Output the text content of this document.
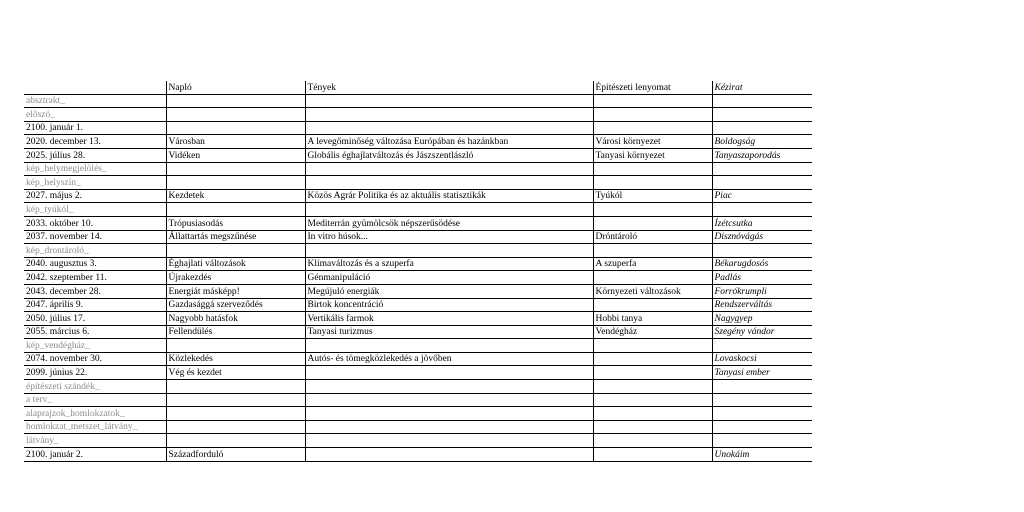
	Napló	Tények	Építészeti lenyomat	Kézirat
absztrakt_				
előszó_				
2100. január 1.				
2020. december 13.	Városban	A levegőminőség változása Európában és hazánkban	Városi környezet	Boldogság
2025. július 28.	Vidéken	Globális éghajlatváltozás és Jászszentlászló	Tanyasi környezet	Tanyaszaporodás
kép_helymegjelölés_				
kép_helyszín_				
2027. május 2.	Kezdetek	Közös Agrár Politika és az aktuális statisztikák	Tyúkól	Piac
kép_tyúkól_				
2033. október 10.	Trópusiasodás	Mediterrán gyümölcsök népszerűsödése		Ízétcsutka
2037. november 14.	Állattartás megszűnése	In vitro húsok...	Dróntároló	Disznóvágás
kép_drontároló_				
2040. augusztus 3.	Éghajlati változások	Klímaváltozás és a szuperfa	A szuperfa	Békarugdosós
2042. szeptember 11.	Újrakezdés	Génmanipuláció		Padlás
2043. december 28.	Energiát másképp!	Megújuló energiák	Környezeti változások	Forrókrumpli
2047. április 9.	Gazdasággá szerveződés	Birtok koncentráció		Rendszerváltás
2050. július 17.	Nagyobb hatásfok	Vertikális farmok	Hobbi tanya	Nagygyep
2055. március 6.	Fellendülés	Tanyasi turizmus	Vendégház	Szegény vándor
kép_vendégház_				
2074. november 30.	Közlekedés	Autós- és tömegközlekedés a jövőben		Lovaskocsi
2099. június 22.	Vég és kezdet			Tanyasi ember
építészeti szándék_				
a terv_				
alaprajzok_homlokzatok_				
homlokzat_metszet_látvány_				
látvány_				
2100. január 2.	Századforduló			Unokáim
